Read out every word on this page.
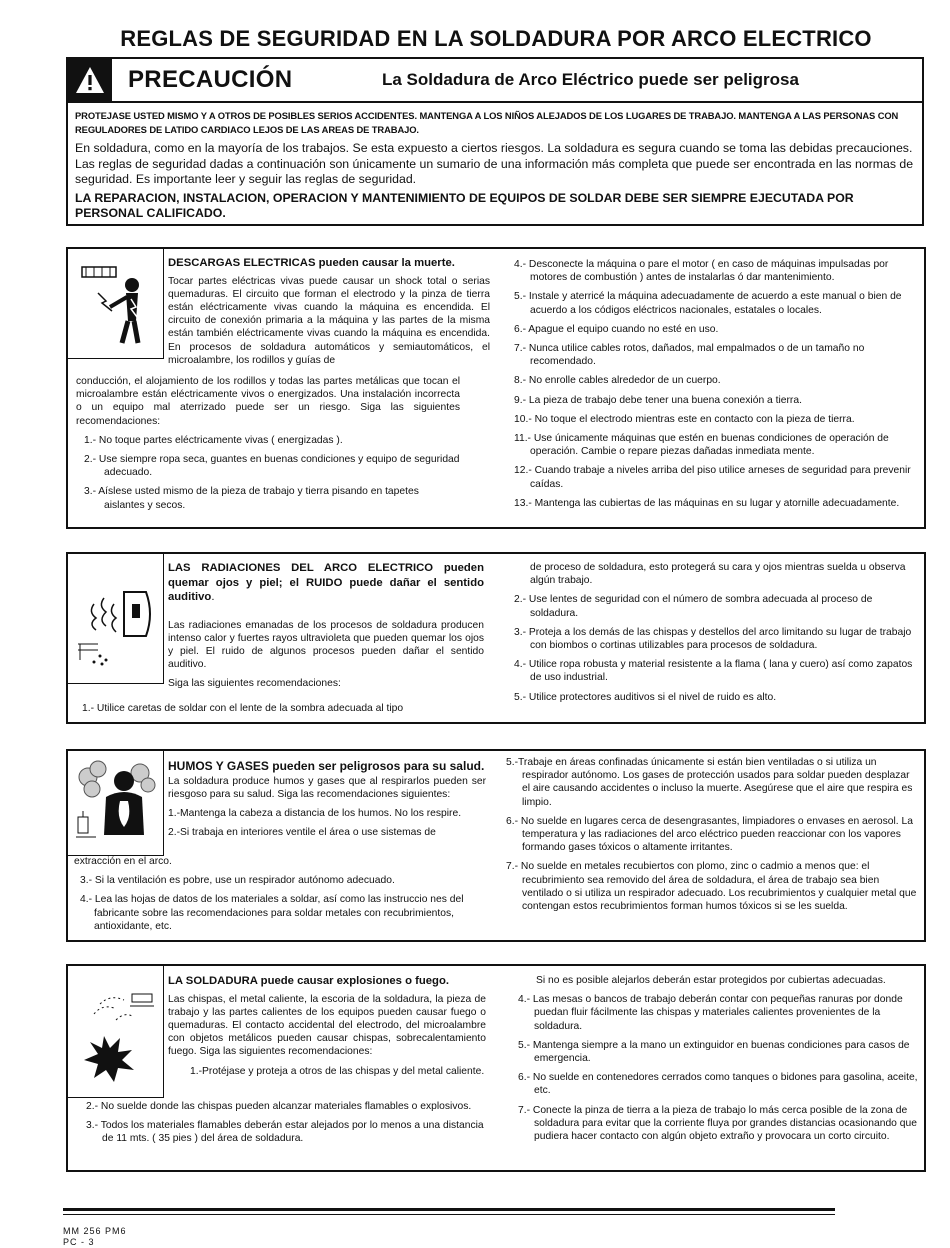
REGLAS DE SEGURIDAD EN LA SOLDADURA POR ARCO ELECTRICO
PRECAUCIÓN	La Soldadura de Arco Eléctrico puede ser peligrosa
PROTEJASE USTED MISMO Y A OTROS DE POSIBLES SERIOS ACCIDENTES. MANTENGA A LOS NIÑOS ALEJADOS DE LOS LUGARES DE TRABAJO. MANTENGA A LAS PERSONAS CON REGULADORES DE LATIDO CARDIACO LEJOS DE LAS AREAS DE TRABAJO.
En soldadura, como en la mayoría de los trabajos. Se esta expuesto a ciertos riesgos. La soldadura es segura cuando se toma las debidas precauciones. Las reglas de seguridad dadas a continuación son únicamente un sumario de una información más completa que puede ser encontrada en las normas de seguridad. Es importante leer y seguir las reglas de seguridad.
LA REPARACION, INSTALACION, OPERACION Y MANTENIMIENTO DE EQUIPOS DE SOLDAR DEBE SER SIEMPRE EJECUTADA POR PERSONAL CALIFICADO.
DESCARGAS ELECTRICAS pueden causar la muerte.
Tocar partes eléctricas vivas puede causar un shock total o serias quemaduras. El circuito que forman el electrodo y la pinza de tierra están eléctricamente vivas cuando la máquina es encendida. El circuito de conexión primaria a la máquina y las partes de la misma están también eléctricamente vivas cuando la máquina es encendida. En procesos de soldadura automáticos y semiautomáticos, el microalambre, los rodillos y guías de
conducción, el alojamiento de los rodillos y todas las partes metálicas que tocan el microalambre están eléctricamente vivos o energizados. Una instalación incorrecta o un equipo mal aterrizado puede ser un riesgo. Siga las siguientes recomendaciones:
1.- No toque partes eléctricamente vivas ( energizadas ).
2.- Use siempre ropa seca, guantes en buenas condiciones y equipo de seguridad adecuado.
3.- Aíslese usted mismo de la pieza de trabajo y tierra pisando en tapetes aislantes y secos.
4.- Desconecte la máquina o pare el motor ( en caso de máquinas impulsadas por motores de combustión ) antes de instalarlas ó dar mantenimiento.
5.- Instale y aterricé la máquina adecuadamente de acuerdo a este manual o bien de acuerdo a los códigos eléctricos nacionales, estatales o locales.
6.- Apague el equipo cuando no esté en uso.
7.- Nunca utilice cables rotos, dañados, mal empalmados o de un tamaño no recomendado.
8.- No enrolle cables alrededor de un cuerpo.
9.- La pieza de trabajo debe tener una buena conexión a tierra.
10.- No toque el electrodo mientras este en contacto con la pieza de tierra.
11.- Use únicamente máquinas que estén en buenas condiciones de operación de operación. Cambie o repare piezas dañadas inmediata mente.
12.- Cuando trabaje a niveles arriba del piso utilice arneses de seguridad para prevenir caídas.
13.- Mantenga las cubiertas de las máquinas en su lugar y atornille adecuadamente.
LAS RADIACIONES DEL ARCO ELECTRICO pueden quemar ojos y piel; el RUIDO puede dañar el sentido auditivo.
Las radiaciones emanadas de los procesos de soldadura producen intenso calor y fuertes rayos ultravioleta que pueden quemar los ojos y piel. El ruido de algunos procesos pueden dañar el sentido auditivo.
Siga las siguientes recomendaciones:
1.- Utilice caretas de soldar con el lente de la sombra adecuada al tipo
de proceso de soldadura, esto protegerá su cara y ojos mientras suelda u observa algún trabajo.
2.- Use lentes de seguridad con el número de sombra adecuada al proceso de soldadura.
3.- Proteja a los demás de las chispas y destellos del arco limitando su lugar de trabajo con biombos o cortinas utilizables para procesos de soldadura.
4.- Utilice ropa robusta y material resistente a la flama ( lana y cuero) así como zapatos de uso industrial.
5.- Utilice protectores auditivos si el nivel de ruido es alto.
HUMOS Y GASES pueden ser peligrosos para su salud.
La soldadura produce humos y gases que al respirarlos pueden ser riesgoso para su salud. Siga las recomendaciones siguientes:
1.-Mantenga la cabeza a distancia de los humos. No los respire.
2.-Si trabaja en interiores ventile el área o use sistemas de
extracción en el arco.
3.- Si la ventilación es pobre, use un respirador autónomo adecuado.
4.- Lea las hojas de datos de los materiales a soldar, así como las instruccio nes del fabricante sobre las recomendaciones para soldar metales con recubrimientos, antioxidante, etc.
5.-Trabaje en áreas confinadas únicamente si están bien ventiladas o si utiliza un respirador autónomo. Los gases de protección usados para soldar pueden desplazar el aire causando accidentes o incluso la muerte. Asegúrese que el aire que respira es limpio.
6.- No suelde en lugares cerca de desengrasantes, limpiadores o envases en aerosol. La temperatura y las radiaciones del arco eléctrico pueden reaccionar con los vapores formando gases tóxicos o altamente irritantes.
7.- No suelde en metales recubiertos con plomo, zinc o cadmio a menos que: el recubrimiento sea removido del área de soldadura, el área de trabajo sea bien ventilado o si utiliza un respirador adecuado. Los recubrimientos y cualquier metal que contengan estos recubrimientos forman humos tóxicos si se les suelda.
LA SOLDADURA puede causar explosiones o fuego.
Las chispas, el metal caliente, la escoria de la soldadura, la pieza de trabajo y las partes calientes de los equipos pueden causar fuego o quemaduras. El contacto accidental del electrodo, del microalambre con objetos metálicos pueden causar chispas, sobrecalentamiento fuego. Siga las siguientes recomendaciones:
1.-Protéjase y proteja a otros de las chispas y del metal caliente.
2.- No suelde donde las chispas pueden alcanzar materiales flamables o explosivos.
3.- Todos los materiales flamables deberán estar alejados por lo menos a una distancia de 11 mts. ( 35 pies ) del área de soldadura.
Si no es posible alejarlos deberán estar protegidos por cubiertas adecuadas.
4.- Las mesas o bancos de trabajo deberán contar con pequeñas ranuras por donde puedan fluir fácilmente las chispas y materiales calientes provenientes de la soldadura.
5.- Mantenga siempre a la mano un extinguidor en buenas condiciones para casos de emergencia.
6.- No suelde en contenedores cerrados como tanques o bidones para gasolina, aceite, etc.
7.- Conecte la pinza de tierra a la pieza de trabajo lo más cerca posible de la zona de soldadura para evitar que la corriente fluya por grandes distancias ocasionando que pudiera hacer contacto con algún objeto extraño y provocara un corto circuito.
MM 256 PM6
PC - 3
